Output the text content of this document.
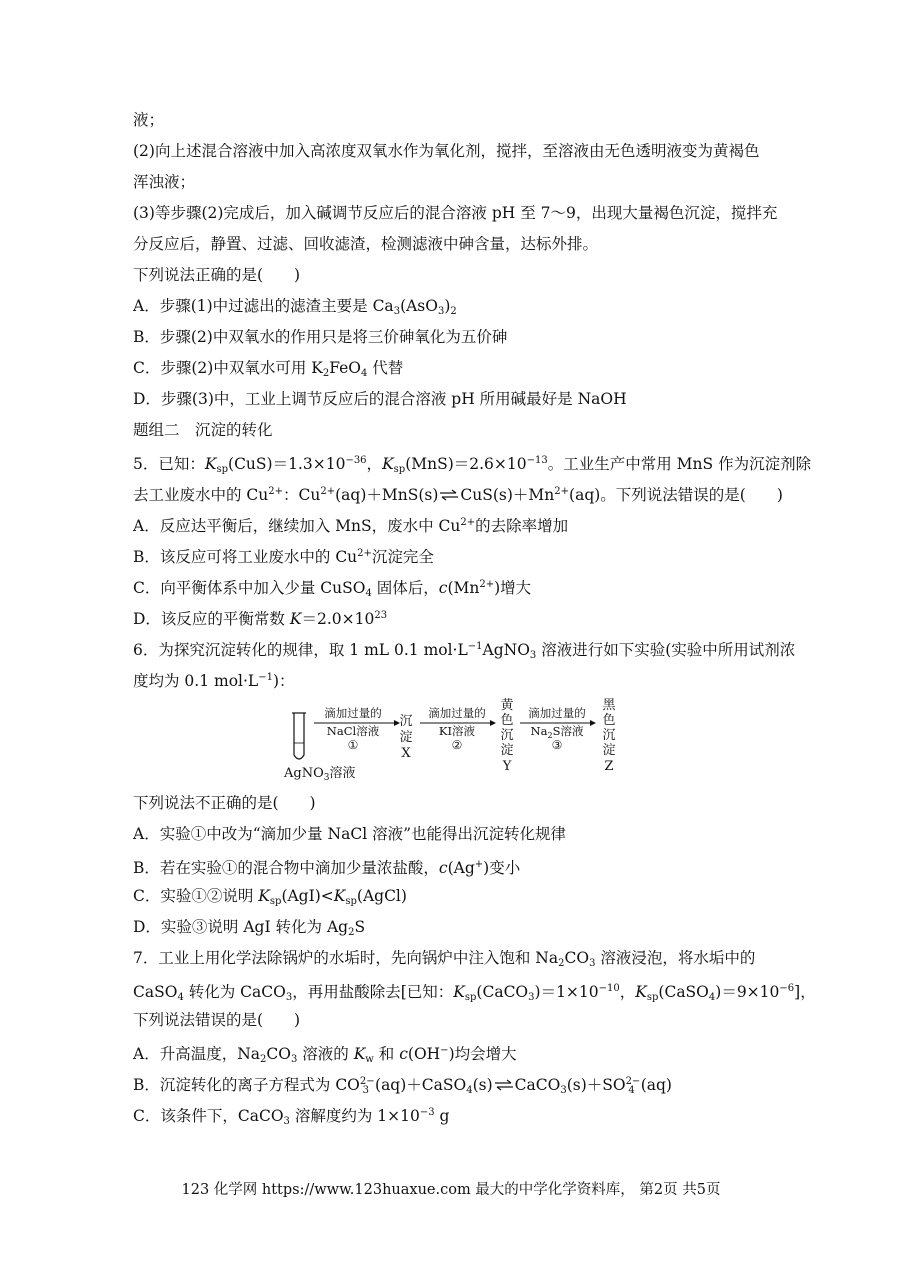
液；
(2)向上述混合溶液中加入高浓度双氧水作为氧化剂，搅拌，至溶液由无色透明液变为黄褐色
浑浊液；
(3)等步骤(2)完成后，加入碱调节反应后的混合溶液 pH 至 7～9，出现大量褐色沉淀，搅拌充
分反应后，静置、过滤、回收滤渣，检测滤液中砷含量，达标外排。
下列说法正确的是(　　)
A．步骤(1)中过滤出的滤渣主要是 $Ca_3(AsO_3)_2$
B．步骤(2)中双氧水的作用只是将三价砷氧化为五价砷
C．步骤(2)中双氧水可用 $K_2FeO_4$ 代替
D．步骤(3)中，工业上调节反应后的混合溶液 pH 所用碱最好是 NaOH
题组二　沉淀的转化
5．已知：$K_{sp}(CuS)=1.3\times 10^{-36}$，$K_{sp}(MnS)=2.6\times 10^{-13}$。工业生产中常用 MnS 作为沉淀剂除
去工业废水中的 $Cu^{2+}$：$Cu^{2+}(aq)+MnS(s)\rightleftharpoons CuS(s)+Mn^{2+}(aq)$。下列说法错误的是(　　)
A．反应达平衡后，继续加入 MnS，废水中 $Cu^{2+}$的去除率增加
B．该反应可将工业废水中的 $Cu^{2+}$沉淀完全
C．向平衡体系中加入少量 CuSO$_4$ 固体后，$c(Mn^{2+})$增大
D．该反应的平衡常数 $K=2.0\times 10^{23}$
6．为探究沉淀转化的规律，取 1 mL 0.1 $mol\cdot L^{-1}AgNO_3$ 溶液进行如下实验(实验中所用试剂浓
度均为 0.1 $mol\cdot L^{-1}$)：
AgNO$_3$溶液
滴加过量的
NaCl溶液
①
沉
淀
X
滴加过量的
KI溶液
②
黄
色
沉
淀
Y
滴加过量的
$Na_2S$溶液
③
黑
色
沉
淀
Z
下列说法不正确的是(　　)
A．实验①中改为“滴加少量 NaCl 溶液”也能得出沉淀转化规律
B．若在实验①的混合物中滴加少量浓盐酸，c(Ag+)变小
C．实验①②说明 $K_{sp}(AgI)<K_{sp}(AgCl)$
D．实验③说明 AgI 转化为 $Ag_2S$
7．工业上用化学法除锅炉的水垢时，先向锅炉中注入饱和 $Na_2CO_3$ 溶液浸泡，将水垢中的
CaSO$_4$ 转化为 CaCO$_3$，再用盐酸除去[已知：$K_{sp}(CaCO_3)=1\times 10^{-10}$，$K_{sp}(CaSO_4)=9\times 10^{-6}$]，
下列说法错误的是(　　)
A．升高温度，$Na_2CO_3$ 溶液的 $K_w$ 和 c(OH−)均会增大
B．沉淀转化的离子方程式为 $CO^{2-}_3$ $(aq)+CaSO_4(s)\rightleftharpoons CaCO_3(s)+SO^{2-}_4$ (aq)
C．该条件下，CaCO$_3$ 溶解度约为 $1\times 10^{-3}$ g
123 化学网 https://www.123huaxue.com 最大的中学化学资料库， 第2页 共5页
